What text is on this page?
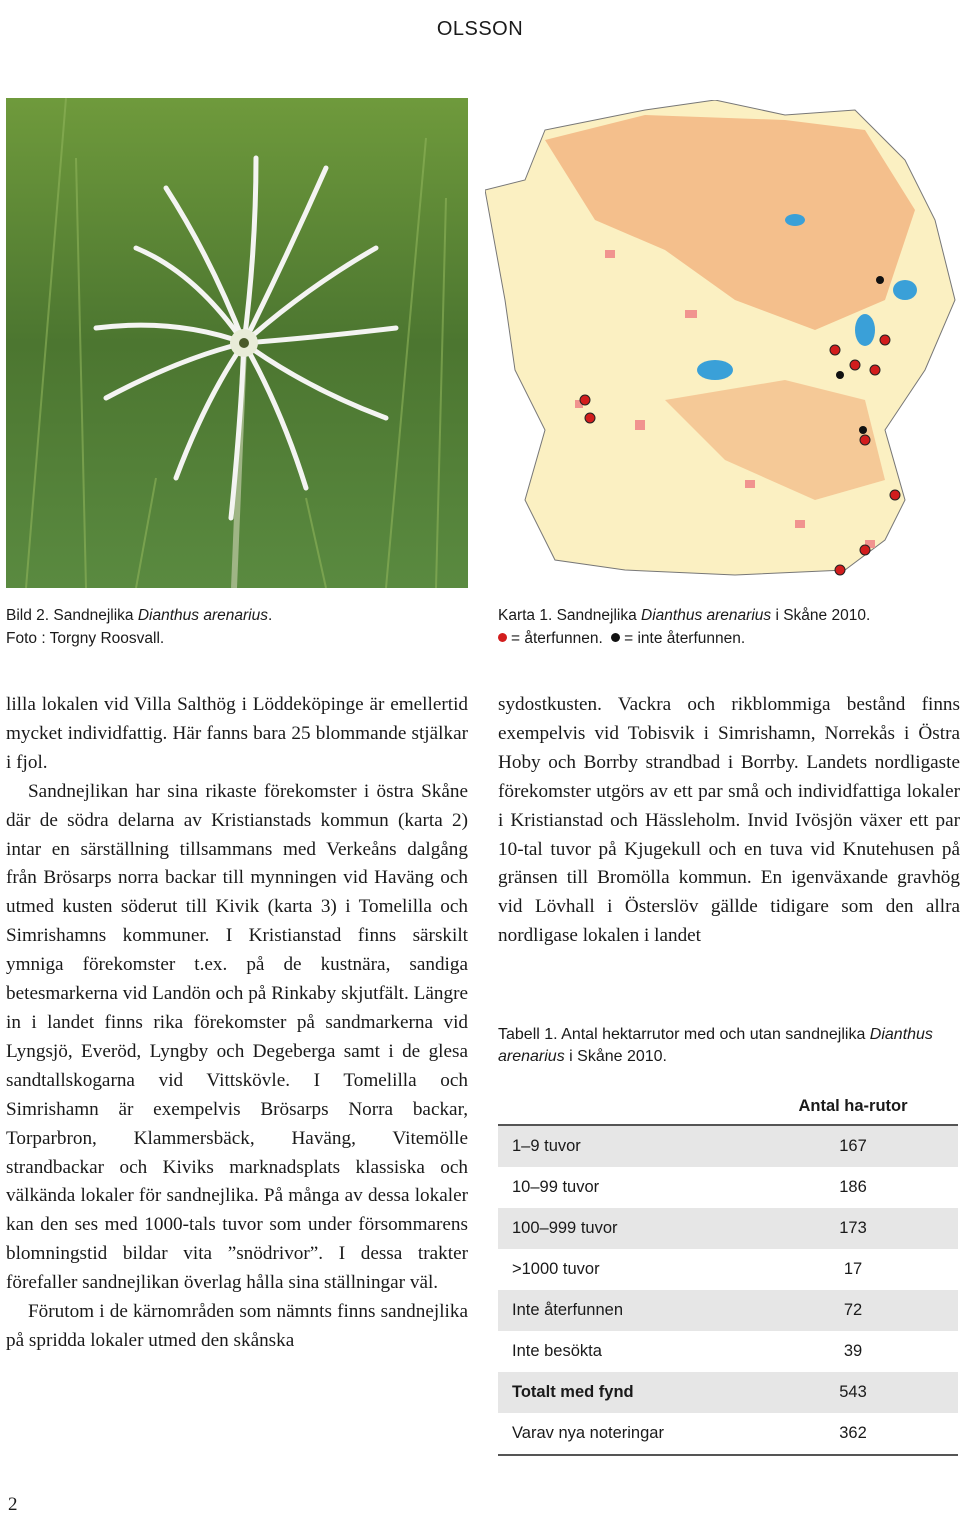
OLSSON
Bild 2. Sandnejlika Dianthus arenarius.
Foto : Torgny Roosvall.
Karta 1. Sandnejlika Dianthus arenarius i Skåne 2010.
= återfunnen. = inte återfunnen.

lilla lokalen vid Villa Salthög i Löddeköpinge är emellertid mycket individfattig. Här fanns bara 25 blommande stjälkar i fjol.

Sandnejlikan har sina rikaste förekomster i östra Skåne där de södra delarna av Kristianstads kommun (karta 2) intar en särställning tillsammans med Verkeåns dalgång från Brösarps norra backar till mynningen vid Haväng och utmed kusten söderut till Kivik (karta 3) i Tomelilla och Simrishamns kommuner. I Kristianstad finns särskilt ymniga förekomster t.ex. på de kustnära, sandiga betesmarkerna vid Landön och på Rinkaby skjutfält. Längre in i landet finns rika förekomster på sandmarkerna vid Lyngsjö, Everöd, Lyngby och Degeberga samt i de glesa sandtallskogarna vid Vittskövle. I Tomelilla och Simrishamn är exempelvis Brösarps Norra backar, Torparbron, Klammersbäck, Haväng, Vitemölle strandbackar och Kiviks marknadsplats klassiska och välkända lokaler för sandnejlika. På många av dessa lokaler kan den ses med 1000-tals tuvor som under försommarens blomningstid bildar vita ”snödrivor”. I dessa trakter förefaller sandnejlikan överlag hålla sina ställningar väl.

Förutom i de kärnområden som nämnts finns sandnejlika på spridda lokaler utmed den skånska

sydostkusten. Vackra och rikblommiga bestånd finns exempelvis vid Tobisvik i Simrishamn, Norrekås i Östra Hoby och Borrby strandbad i Borrby. Landets nordligaste förekomster utgörs av ett par små och individfattiga lokaler i Kristianstad och Hässleholm. Invid Ivösjön växer ett par 10-tal tuvor på Kjugekull och en tuva vid Knutehusen på gränsen till Bromölla kommun. En igenväxande gravhög vid Lövhall i Österslöv gällde tidigare som den allra nordligase lokalen i landet

Tabell 1. Antal hektarrutor med och utan sandnejlika Dianthus arenarius i Skåne 2010.
	Antal ha-rutor
1–9 tuvor	167
10–99 tuvor	186
100–999 tuvor	173
>1000 tuvor	17
Inte återfunnen	72
Inte besökta	39
Totalt med fynd	543
Varav nya noteringar	362
2
